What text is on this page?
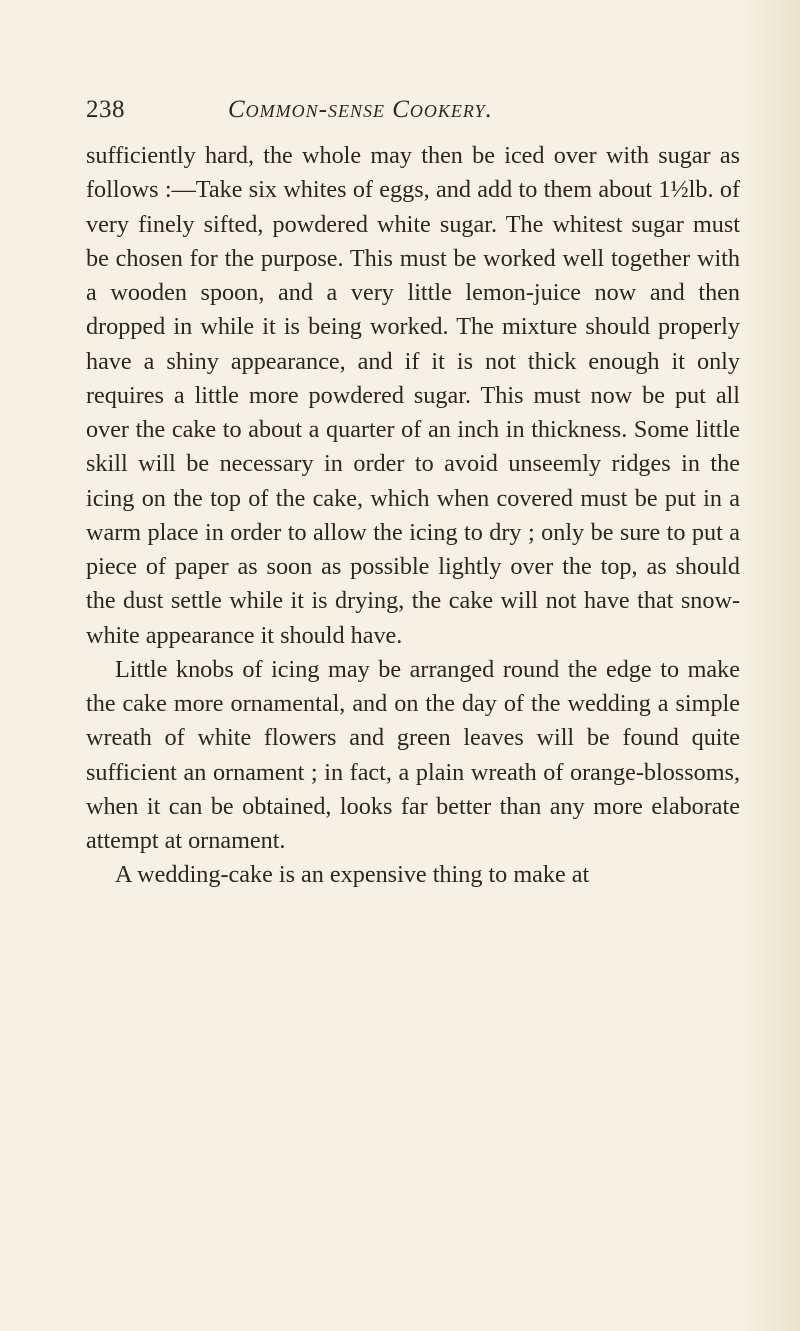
238	Common-sense Cookery.

sufficiently hard, the whole may then be iced over with sugar as follows :—Take six whites of eggs, and add to them about 1½lb. of very finely sifted, powdered white sugar. The whitest sugar must be chosen for the purpose. This must be worked well together with a wooden spoon, and a very little lemon-juice now and then dropped in while it is being worked. The mixture should properly have a shiny appearance, and if it is not thick enough it only requires a little more powdered sugar. This must now be put all over the cake to about a quarter of an inch in thickness. Some little skill will be necessary in order to avoid unseemly ridges in the icing on the top of the cake, which when covered must be put in a warm place in order to allow the icing to dry ; only be sure to put a piece of paper as soon as possible lightly over the top, as should the dust settle while it is drying, the cake will not have that snow-white appearance it should have.

Little knobs of icing may be arranged round the edge to make the cake more ornamental, and on the day of the wedding a simple wreath of white flowers and green leaves will be found quite sufficient an ornament ; in fact, a plain wreath of orange-blossoms, when it can be obtained, looks far better than any more elaborate attempt at ornament.

A wedding-cake is an expensive thing to make at
